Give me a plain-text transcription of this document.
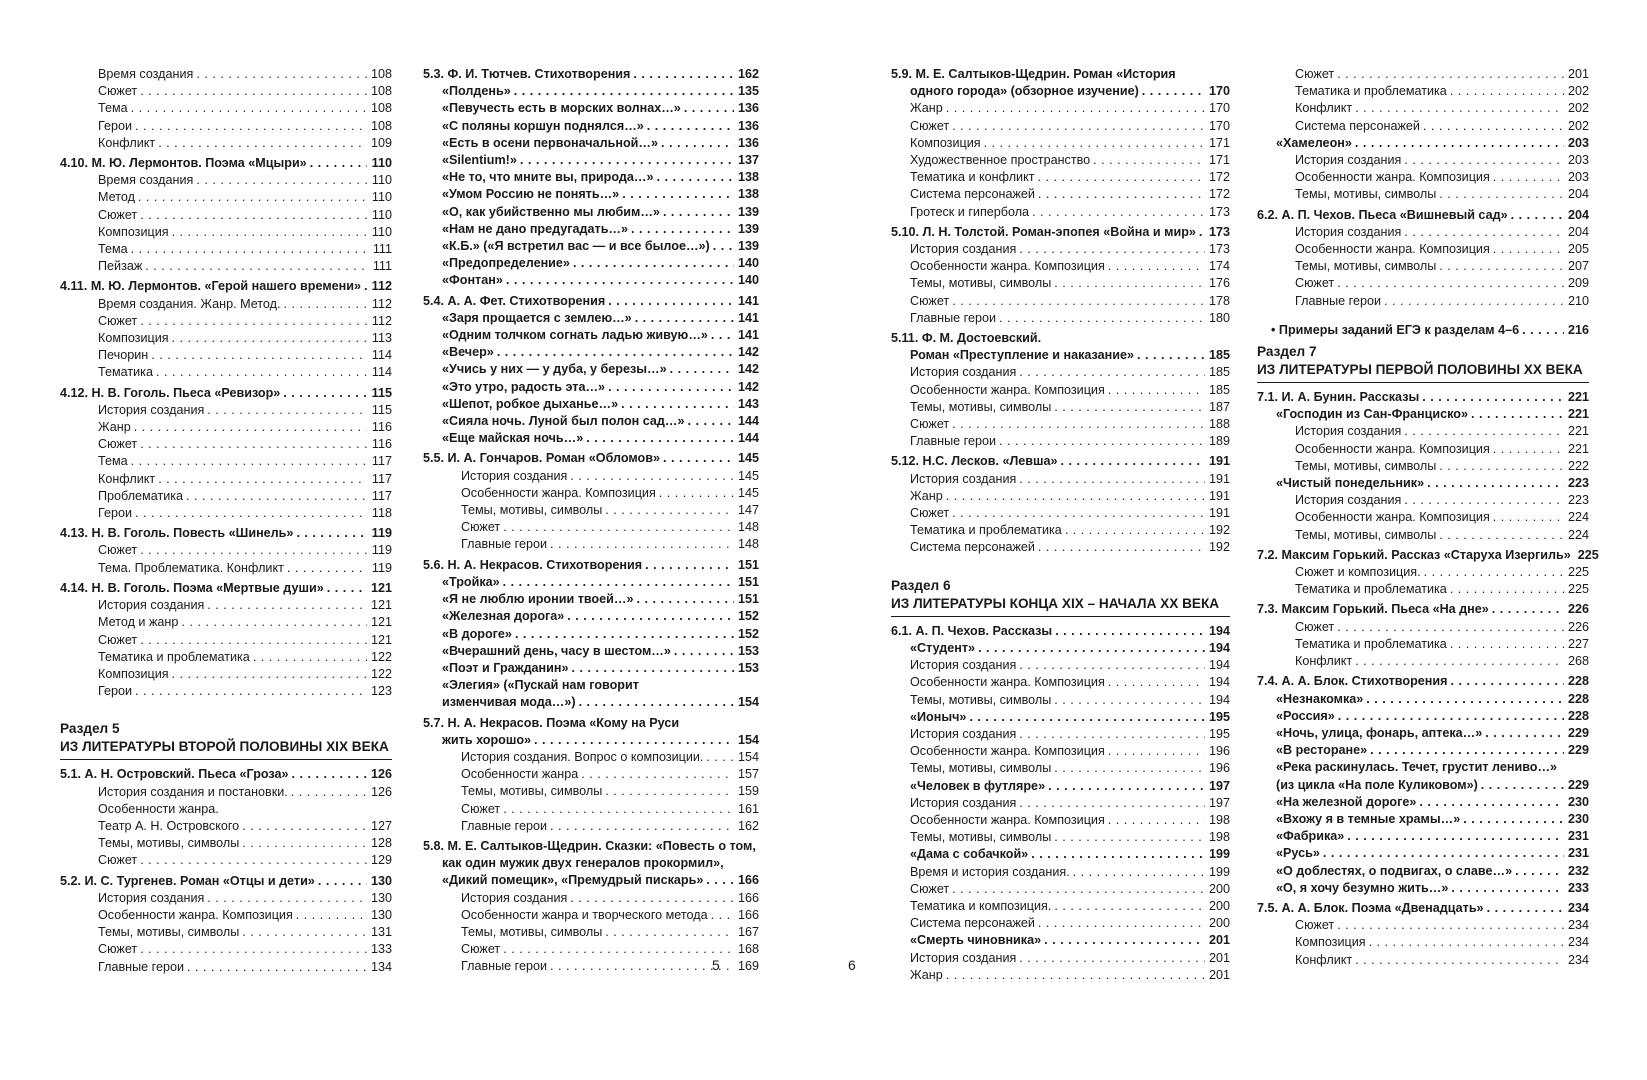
Время создания . . .	108
Сюжет . . .	108
Тема . . .	108
Герои . . .	108
Конфликт . . .	109
4.10. М. Ю. Лермонтов. Поэма «Мцыри» . . .	110
Время создания . . .	110
Метод . . .	110
Сюжет . . .	110
Композиция . . .	110
Тема . . .	111
Пейзаж . . .	111
4.11. М. Ю. Лермонтов. «Герой нашего времени» . . . 112
Время создания. Жанр. Метод. . . .	112
Сюжет . . .	112
Композиция . . .	113
Печорин . . .	114
Тематика . . .	114
4.12. Н. В. Гоголь. Пьеса «Ревизор» . . .	115
История создания . . .	115
Жанр . . .	116
Сюжет . . .	116
Тема . . .	117
Конфликт . . .	117
Проблематика . . .	117
Герои . . .	118
4.13. Н. В. Гоголь. Повесть «Шинель» . . .	119
Сюжет . . .	119
Тема. Проблематика. Конфликт . . .	119
4.14. Н. В. Гоголь. Поэма «Мертвые души» . . .	121
История создания . . .	121
Метод и жанр . . .	121
Сюжет . . .	121
Тематика и проблематика . . .	122
Композиция . . .	122
Герои . . .	123
Раздел 5
ИЗ ЛИТЕРАТУРЫ ВТОРОЙ ПОЛОВИНЫ XIX ВЕКА
5.1. А. Н. Островский. Пьеса «Гроза» . . .	126
История создания и постановки. . . .	126
Особенности жанра.
Театр А. Н. Островского . . .	127
Темы, мотивы, символы . . .	128
Сюжет . . .	129
5.2. И. С. Тургенев. Роман «Отцы и дети» . . .	130
История создания . . .	130
Особенности жанра. Композиция . . .	130
Темы, мотивы, символы . . .	131
Сюжет . . .	133
Главные герои . . .	134
5.3. Ф. И. Тютчев. Стихотворения . . .	162
«Полдень» . . .	135
«Певучесть есть в морских волнах…» . . .	136
«С поляны коршун поднялся…» . . .	136
«Есть в осени первоначальной…» . . .	136
«Silentium!» . . .	137
«Не то, что мните вы, природа…» . . .	138
«Умом Россию не понять…» . . .	138
«О, как убийственно мы любим…» . . .	139
«Нам не дано предугадать…» . . .	139
«К.Б.» («Я встретил вас — и все былое…») . . . 139
«Предопределение» . . .	140
«Фонтан» . . .	140
5.4. А. А. Фет. Стихотворения . . .	141
«Заря прощается с землею…» . . .	141
«Одним толчком согнать ладью живую…» . . . 141
«Вечер» . . .	142
«Учись у них — у дуба, у березы…» . . .	142
«Это утро, радость эта…» . . .	142
«Шепот, робкое дыханье…» . . .	143
«Сияла ночь. Луной был полон сад…» . . .	144
«Еще майская ночь…» . . .	144
5.5. И. А. Гончаров. Роман «Обломов» . . .	145
История создания . . .	145
Особенности жанра. Композиция . . .	145
Темы, мотивы, символы . . .	147
Сюжет . . .	148
Главные герои . . .	148
5.6. Н. А. Некрасов. Стихотворения . . .	151
«Тройка» . . .	151
«Я не люблю иронии твоей…» . . .	151
«Железная дорога» . . .	152
«В дороге» . . .	152
«Вчерашний день, часу в шестом…» . . .	153
«Поэт и Гражданин» . . .	153
«Элегия» («Пускай нам говорит
изменчивая мода…») . . .	154
5.7. Н. А. Некрасов. Поэма «Кому на Руси
жить хорошо» . . .	154
История создания. Вопрос о композиции. . . .	154
Особенности жанра . . .	157
Темы, мотивы, символы . . .	159
Сюжет . . .	161
Главные герои . . .	162
5.8. М. Е. Салтыков-Щедрин. Сказки: «Повесть о том,
как один мужик двух генералов прокормил»,
«Дикий помещик», «Премудрый пискарь» . . .	166
История создания . . .	166
Особенности жанра и творческого метода . . . 166
Темы, мотивы, символы . . .	167
Сюжет . . .	168
Главные герои . . .	169
5.9. М. Е. Салтыков-Щедрин. Роман «История
одного города» (обзорное изучение) . . .	170
Жанр . . .	170
Сюжет . . .	170
Композиция . . .	171
Художественное пространство . . .	171
Тематика и конфликт . . .	172
Система персонажей . . .	172
Гротеск и гипербола . . .	173
5.10. Л. Н. Толстой. Роман-эпопея «Война и мир» . . . 173
История создания . . .	173
Особенности жанра. Композиция . . .	174
Темы, мотивы, символы . . .	176
Сюжет . . .	178
Главные герои . . .	180
5.11. Ф. М. Достоевский.
Роман «Преступление и наказание» . . .	185
История создания . . .	185
Особенности жанра. Композиция . . .	185
Темы, мотивы, символы . . .	187
Сюжет . . .	188
Главные герои . . .	189
5.12. Н.С. Лесков. «Левша» . . .	191
История создания . . .	191
Жанр . . .	191
Сюжет . . .	191
Тематика и проблематика . . .	192
Система персонажей . . .	192
Раздел 6
ИЗ ЛИТЕРАТУРЫ КОНЦА XIX – НАЧАЛА XX ВЕКА
6.1. А. П. Чехов. Рассказы . . .	194
«Студент» . . .	194
История создания . . .	194
Особенности жанра. Композиция . . .	194
Темы, мотивы, символы . . .	194
«Ионыч» . . .	195
История создания . . .	195
Особенности жанра. Композиция . . .	196
Темы, мотивы, символы . . .	196
«Человек в футляре» . . .	197
История создания . . .	197
Особенности жанра. Композиция . . .	198
Темы, мотивы, символы . . .	198
«Дама с собачкой» . . .	199
Время и история создания. . . .	199
Сюжет . . .	200
Тематика и композиция. . . .	200
Система персонажей . . .	200
«Смерть чиновника» . . .	201
История создания . . .	201
Жанр . . .	201
Сюжет . . .	201
Тематика и проблематика . . .	202
Конфликт . . .	202
Система персонажей . . .	202
«Хамелеон» . . .	203
История создания . . .	203
Особенности жанра. Композиция . . .	203
Темы, мотивы, символы . . .	204
6.2. А. П. Чехов. Пьеса «Вишневый сад» . . .	204
История создания . . .	204
Особенности жанра. Композиция . . .	205
Темы, мотивы, символы . . .	207
Сюжет . . .	209
Главные герои . . .	210
• Примеры заданий ЕГЭ к разделам 4–6 . . .	216
Раздел 7
ИЗ ЛИТЕРАТУРЫ ПЕРВОЙ ПОЛОВИНЫ XX ВЕКА
7.1. И. А. Бунин. Рассказы . . .	221
«Господин из Сан-Франциско» . . .	221
История создания . . .	221
Особенности жанра. Композиция . . .	221
Темы, мотивы, символы . . .	222
«Чистый понедельник» . . .	223
История создания . . .	223
Особенности жанра. Композиция . . .	224
Темы, мотивы, символы . . .	224
7.2. Максим Горький. Рассказ «Старуха Изергиль» 225
Сюжет и композиция. . . .	225
Тематика и проблематика . . .	225
7.3. Максим Горький. Пьеса «На дне» . . .	226
Сюжет . . .	226
Тематика и проблематика . . .	227
Конфликт . . .	268
7.4. А. А. Блок. Стихотворения . . .	228
«Незнакомка» . . .	228
«Россия» . . .	228
«Ночь, улица, фонарь, аптека…» . . .	229
«В ресторане» . . .	229
«Река раскинулась. Течет, грустит лениво…»
(из цикла «На поле Куликовом») . . .	229
«На железной дороге» . . .	230
«Вхожу я в темные храмы…» . . .	230
«Фабрика» . . .	231
«Русь» . . .	231
«О доблестях, о подвигах, о славе…» . . .	232
«О, я хочу безумно жить…» . . .	233
7.5. А. А. Блок. Поэма «Двенадцать» . . .	234
Сюжет . . .	234
Композиция . . .	234
Конфликт . . .	234
5	6
